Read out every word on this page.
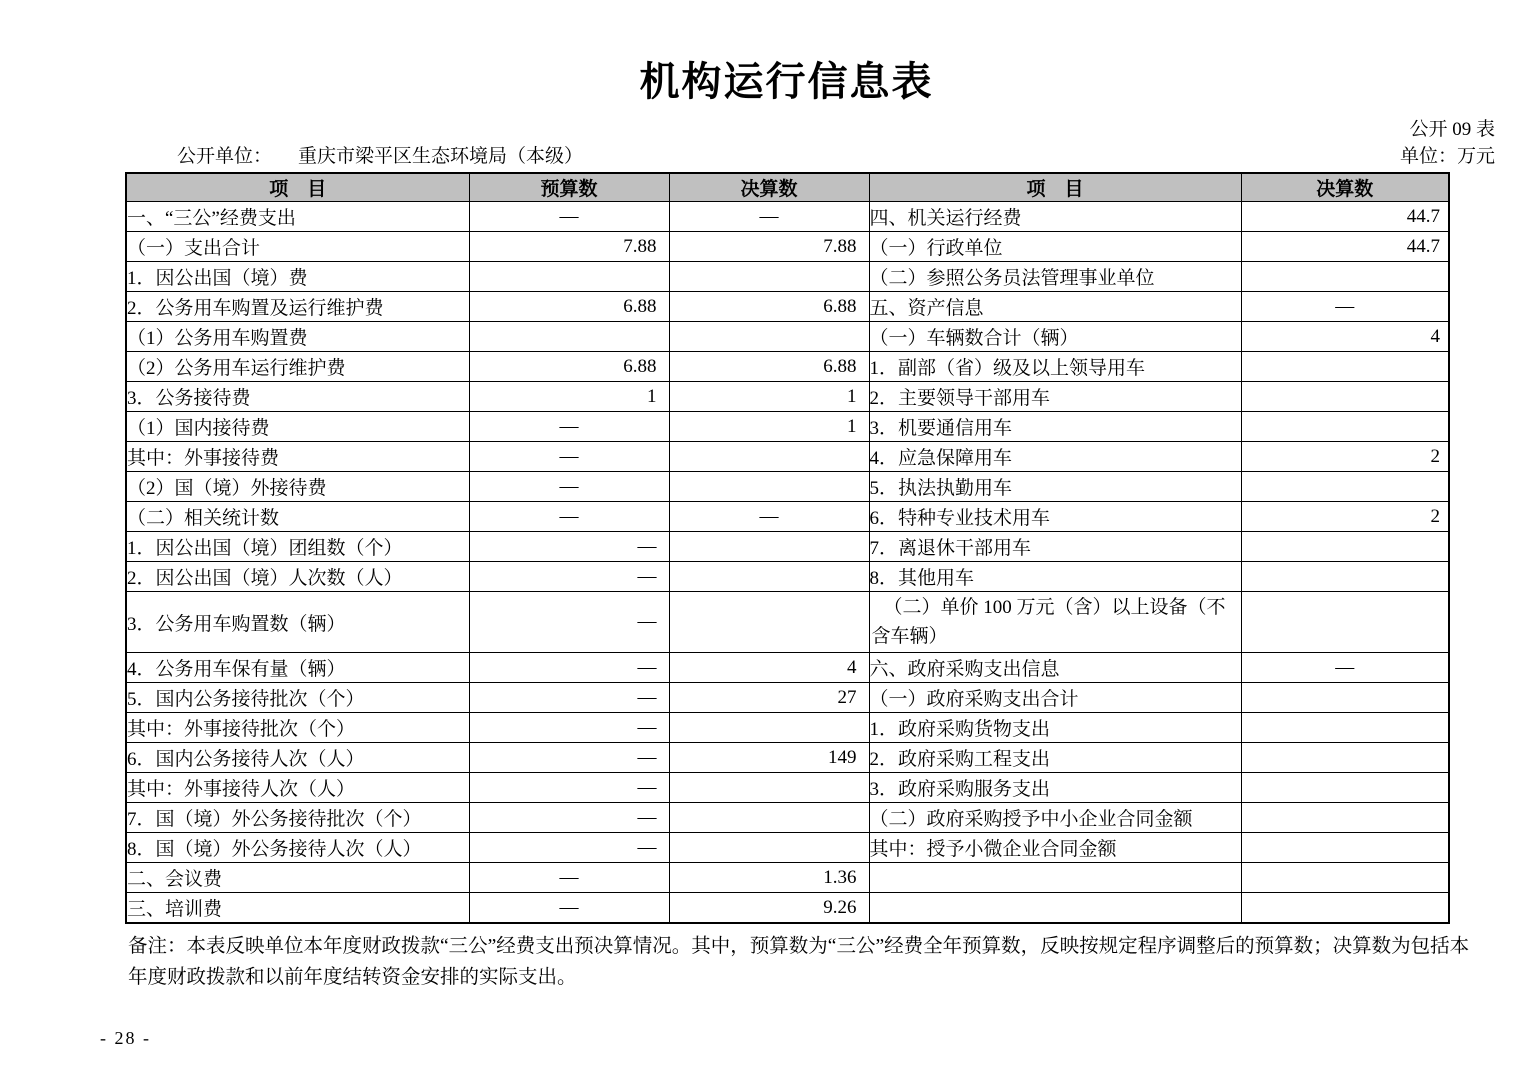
机构运行信息表
公开 09 表
公开单位： 重庆市梁平区生态环境局（本级）	单位：万元
项　目	预算数	决算数	项　目	决算数
一、“三公”经费支出	—	—	四、机关运行经费	44.7
（一）支出合计	7.88	7.88	（一）行政单位	44.7
1．因公出国（境）费			（二）参照公务员法管理事业单位	
2．公务用车购置及运行维护费	6.88	6.88	五、资产信息	—
（1）公务用车购置费			（一）车辆数合计（辆）	4
（2）公务用车运行维护费	6.88	6.88	1．副部（省）级及以上领导用车	
3．公务接待费	1	1	2．主要领导干部用车	
（1）国内接待费	—	1	3．机要通信用车	
其中：外事接待费	—		4．应急保障用车	2
（2）国（境）外接待费	—		5．执法执勤用车	
（二）相关统计数	—	—	6．特种专业技术用车	2
1．因公出国（境）团组数（个）	—		7．离退休干部用车	
2．因公出国（境）人次数（人）	—		8．其他用车	
3．公务用车购置数（辆）	—		（二）单价 100 万元（含）以上设备（不含车辆）	
4．公务用车保有量（辆）	—	4	六、政府采购支出信息	—
5．国内公务接待批次（个）	—	27	（一）政府采购支出合计	
其中：外事接待批次（个）	—		1．政府采购货物支出	
6．国内公务接待人次（人）	—	149	2．政府采购工程支出	
其中：外事接待人次（人）	—		3．政府采购服务支出	
7．国（境）外公务接待批次（个）	—		（二）政府采购授予中小企业合同金额	
8．国（境）外公务接待人次（人）	—		其中：授予小微企业合同金额	
二、会议费	—	1.36		
三、培训费	—	9.26		
备注：本表反映单位本年度财政拨款“三公”经费支出预决算情况。其中，预算数为“三公”经费全年预算数，反映按规定程序调整后的预算数；决算数为包括本年度财政拨款和以前年度结转资金安排的实际支出。
- 28 -
